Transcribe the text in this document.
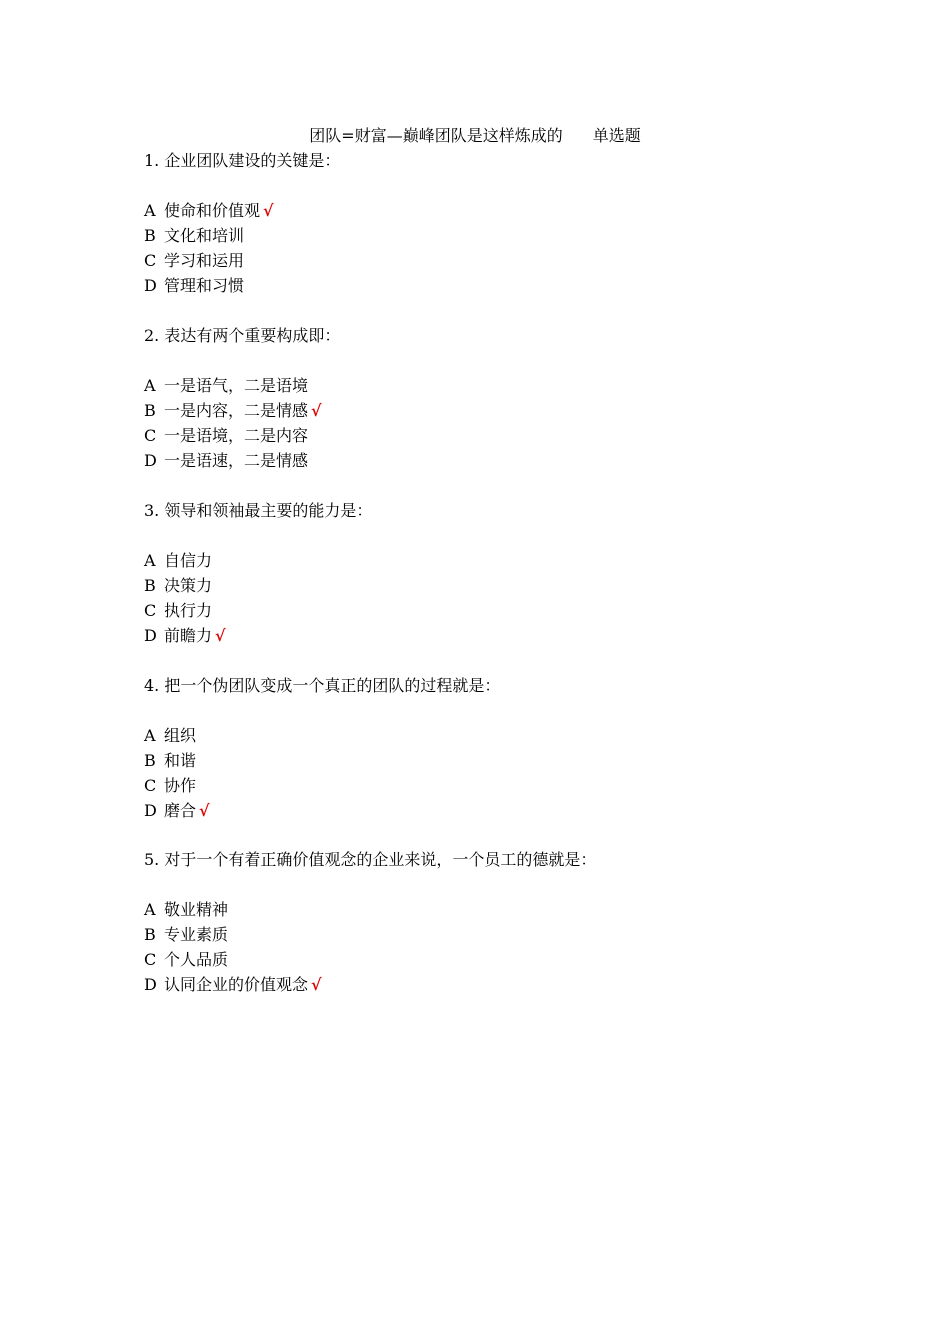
团队=财富—巅峰团队是这样炼成的 单选题
1. 企业团队建设的关键是：
A 使命和价值观 √
B 文化和培训
C 学习和运用
D 管理和习惯
2. 表达有两个重要构成即：
A 一是语气，二是语境
B 一是内容，二是情感 √
C 一是语境，二是内容
D 一是语速，二是情感
3. 领导和领袖最主要的能力是：
A 自信力
B 决策力
C 执行力
D 前瞻力 √
4. 把一个伪团队变成一个真正的团队的过程就是：
A 组织
B 和谐
C 协作
D 磨合 √
5. 对于一个有着正确价值观念的企业来说，一个员工的德就是：
A 敬业精神
B 专业素质
C 个人品质
D 认同企业的价值观念 √
